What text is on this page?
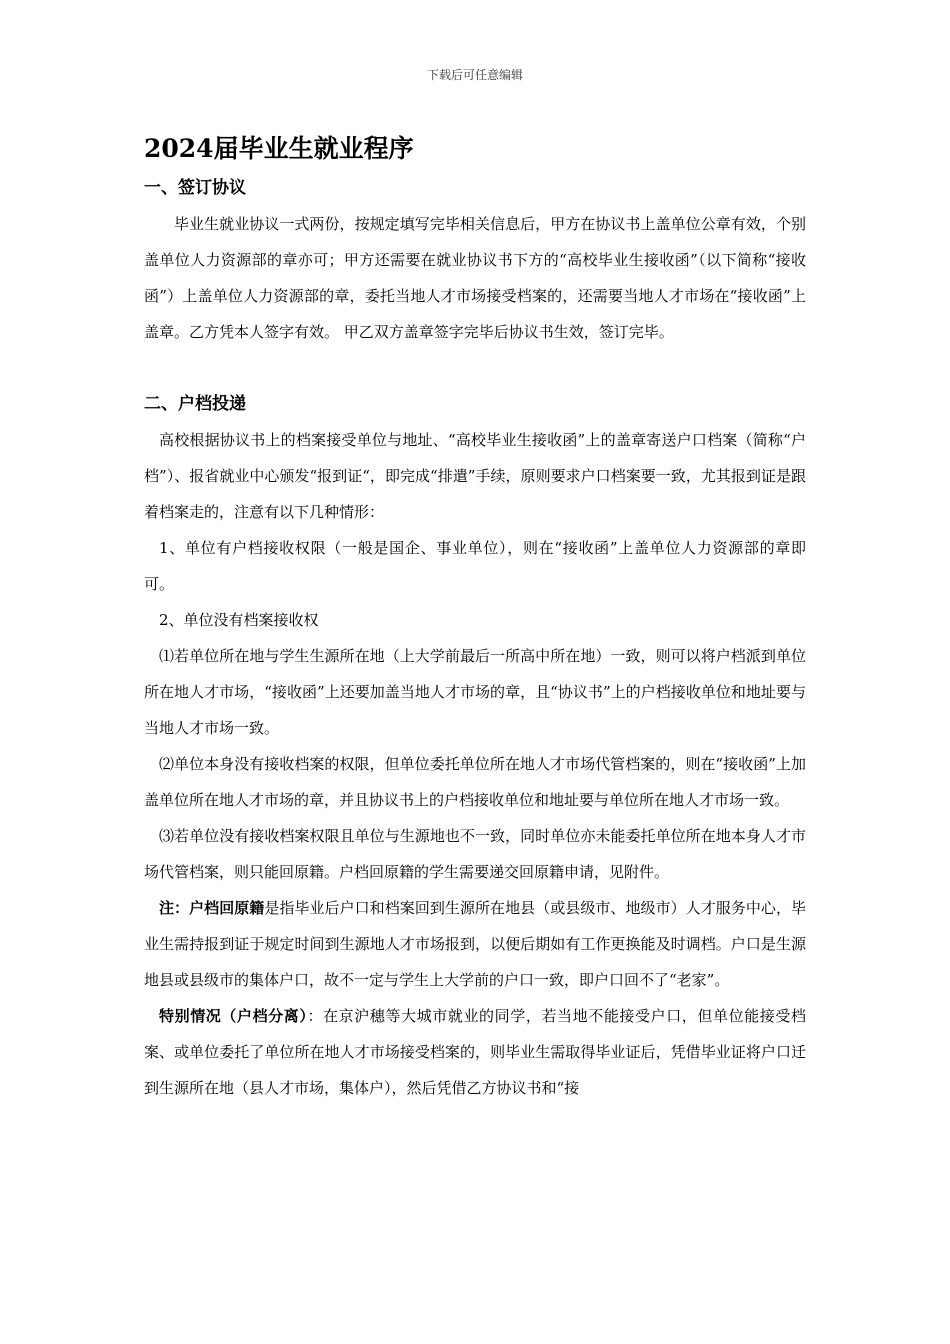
下载后可任意编辑
2024届毕业生就业程序
一、签订协议

毕业生就业协议一式两份，按规定填写完毕相关信息后，甲方在协议书上盖单位公章有效，个别盖单位人力资源部的章亦可；甲方还需要在就业协议书下方的“高校毕业生接收函”（以下简称“接收函”）上盖单位人力资源部的章，委托当地人才市场接受档案的，还需要当地人才市场在“接收函”上盖章。乙方凭本人签字有效。 甲乙双方盖章签字完毕后协议书生效，签订完毕。

二、户档投递

高校根据协议书上的档案接受单位与地址、“高校毕业生接收函”上的盖章寄送户口档案（简称“户档”）、报省就业中心颁发“报到证“，即完成“排遣”手续，原则要求户口档案要一致，尤其报到证是跟着档案走的，注意有以下几种情形：

1、单位有户档接收权限（一般是国企、事业单位），则在“接收函”上盖单位人力资源部的章即可。

2、单位没有档案接收权

⑴若单位所在地与学生生源所在地（上大学前最后一所高中所在地）一致，则可以将户档派到单位所在地人才市场，“接收函”上还要加盖当地人才市场的章，且“协议书”上的户档接收单位和地址要与当地人才市场一致。

⑵单位本身没有接收档案的权限，但单位委托单位所在地人才市场代管档案的，则在“接收函”上加盖单位所在地人才市场的章，并且协议书上的户档接收单位和地址要与单位所在地人才市场一致。

⑶若单位没有接收档案权限且单位与生源地也不一致，同时单位亦未能委托单位所在地本身人才市场代管档案，则只能回原籍。户档回原籍的学生需要递交回原籍申请，见附件。

注：户档回原籍是指毕业后户口和档案回到生源所在地县（或县级市、地级市）人才服务中心，毕业生需持报到证于规定时间到生源地人才市场报到，以便后期如有工作更换能及时调档。户口是生源地县或县级市的集体户口，故不一定与学生上大学前的户口一致，即户口回不了“老家”。

特别情况（户档分离）：在京沪穗等大城市就业的同学，若当地不能接受户口，但单位能接受档案、或单位委托了单位所在地人才市场接受档案的，则毕业生需取得毕业证后，凭借毕业证将户口迁到生源所在地（县人才市场，集体户），然后凭借乙方协议书和“接
